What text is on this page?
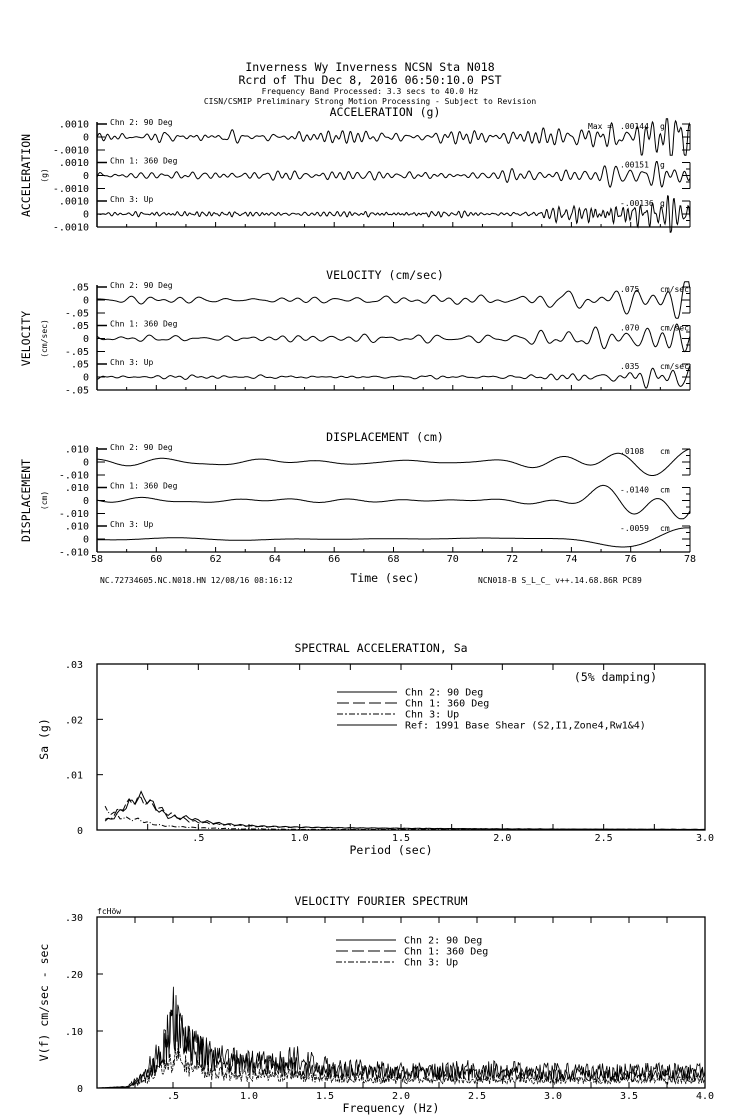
Inverness Wy Inverness NCSN Sta N018
Rcrd of Thu Dec 8, 2016 06:50:10.0 PST
Frequency Band Processed: 3.3 secs to 40.0 Hz
CISN/CSMIP Preliminary Strong Motion Processing - Subject to Revision
ACCELERATION (g)
ACCELERATION (g)
.0010
0
-.0010
Chn 2: 90 Deg	Max = .00144 g
.0010
0
-.0010
Chn 1: 360 Deg	.00151 g
.0010
0
-.0010
Chn 3: Up	-.00136 g
VELOCITY (cm/sec)
VELOCITY (cm/sec)
.05
0
-.05
Chn 2: 90 Deg	.075	cm/sec
.05
0
-.05
Chn 1: 360 Deg	.070	cm/sec
.05
0
-.05
Chn 3: Up	.035	cm/sec
DISPLACEMENT (cm)
DISPLACEMENT (cm)
.010
0
-.010
Chn 2: 90 Deg	.0108 cm
.010
0
-.010
Chn 1: 360 Deg	-.0140 cm
.010
0
-.010
Chn 3: Up	-.0059 cm
58	60	62	64	66	68	70	72	74	76	78
SPECTRAL ACCELERATION, Sa
.03
.02
.01
0
.5	1.0	1.5	2.0	2.5	3.0
Period (sec)
Sa (g)
Chn 2: 90 Deg
Chn 1: 360 Deg
Chn 3: Up
Ref: 1991 Base Shear (S2,I1,Zone4,Rw1&4)
(5% damping)
VELOCITY FOURIER SPECTRUM
.30
.20
.10
0
.5	1.0	1.5	2.0	2.5	3.0	3.5	4.0
Frequency (Hz)
V(f) cm/sec - sec
Chn 2: 90 Deg
Chn 1: 360 Deg
Chn 3: Up
fcHöw
NC.72734605.NC.N018.HN 12/08/16 08:16:12	NCN018-B S_L_C_ v++.14.68.86R PC89
Time (sec)
